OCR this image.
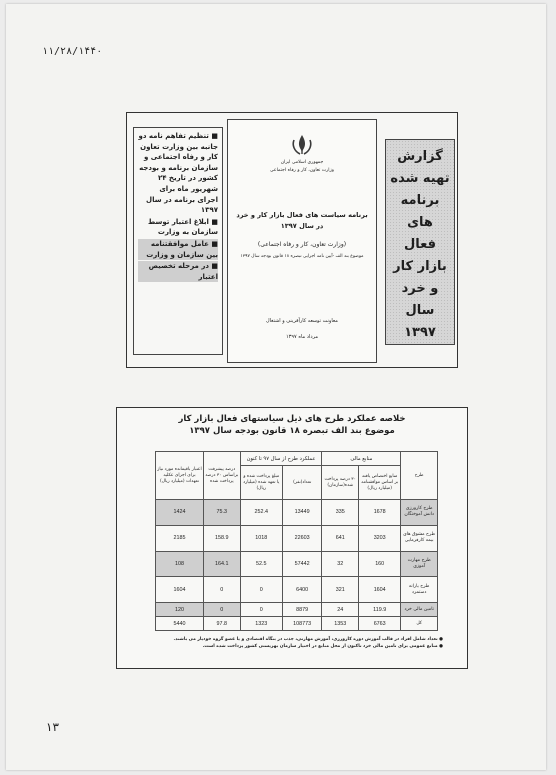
١١/٢٨/١۴۴٠
■ تنظیم تفاهم نامه دو جانبه بین وزارت تعاون کار و رفاه اجتماعی و سازمان برنامه و بودجه کشور در تاریخ ۲۴ شهریور ماه برای اجرای برنامه در سال ۱۳۹۷
■ ابلاغ اعتبار توسط سازمان به وزارت
■ عامل موافقتنامه بین سازمان و وزارت
■ در مرحله تخصیص اعتبار
جمهوری اسلامی ایران
وزارت تعاون، کار و رفاه اجتماعی
برنامه سیاست های فعال بازار کار و خرد در سال ۱۳۹۷
(وزارت تعاون، کار و رفاه اجتماعی)
موضوع بند الف -آیین نامه اجرایی تبصره ۱۸ قانون بودجه سال ۱۳۹۷
معاونت توسعه کارآفرینی و اشتغال
مرداد ماه ۱۳۹۷
گزارش تهیه شده برنامه های فعال بازار کار و خرد سال ۱۳۹۷
خلاصه عملکرد طرح های ذیل سیاستهای فعال بازار کار
موضوع بند الف تبصره ۱۸ قانون بودجه سال ۱۳۹۷
طرح	منابع مالی		عملکرد طرح از سال ۹۷ تا کنون		درصد پیشرفت براساس ۳۰ درصد پرداخت شده	اعتبار باقیمانده مورد نیاز برای اجرای عکلیه تعهدات (میلیارد ریال)
	منابع اختصاص یافته بر اساس موافقتنامه (میلیارد ریال)	۳۰ درصد پرداخت شده(سازمان)	تعداد(نفر)	مبلغ پرداخت شده و یا تعهد شده (میلیارد ریال)		
طرح کارورزی دانش آموختگان	1678	335	13449	252.4	75.3	1424
طرح مشوق های بیمه کارفرمایی	3203	641	22603	1018	158.9	2185
طرح مهارت آموزی	160	32	57442	52.5	164.1	108
طرح یارانه دستمزد	1604	321	6400	0	0	1604
تامین مالی خرد	119.9	24	8879	0	0	120
کل	6763	1353	108773	1323	97.8	5440
● تعداد شامل افراد در قالب آموزش دوره کارورزی، آموزش مهارتی، جذب در بنگاه اقتصادی و یا عضو گروه خودیار می باشند.
● منابع عمومی برای تامین مالی خرد تاکنون از محل منابع در اختیار سازمان بهزیستی کشور پرداخت شده است.
١٣
